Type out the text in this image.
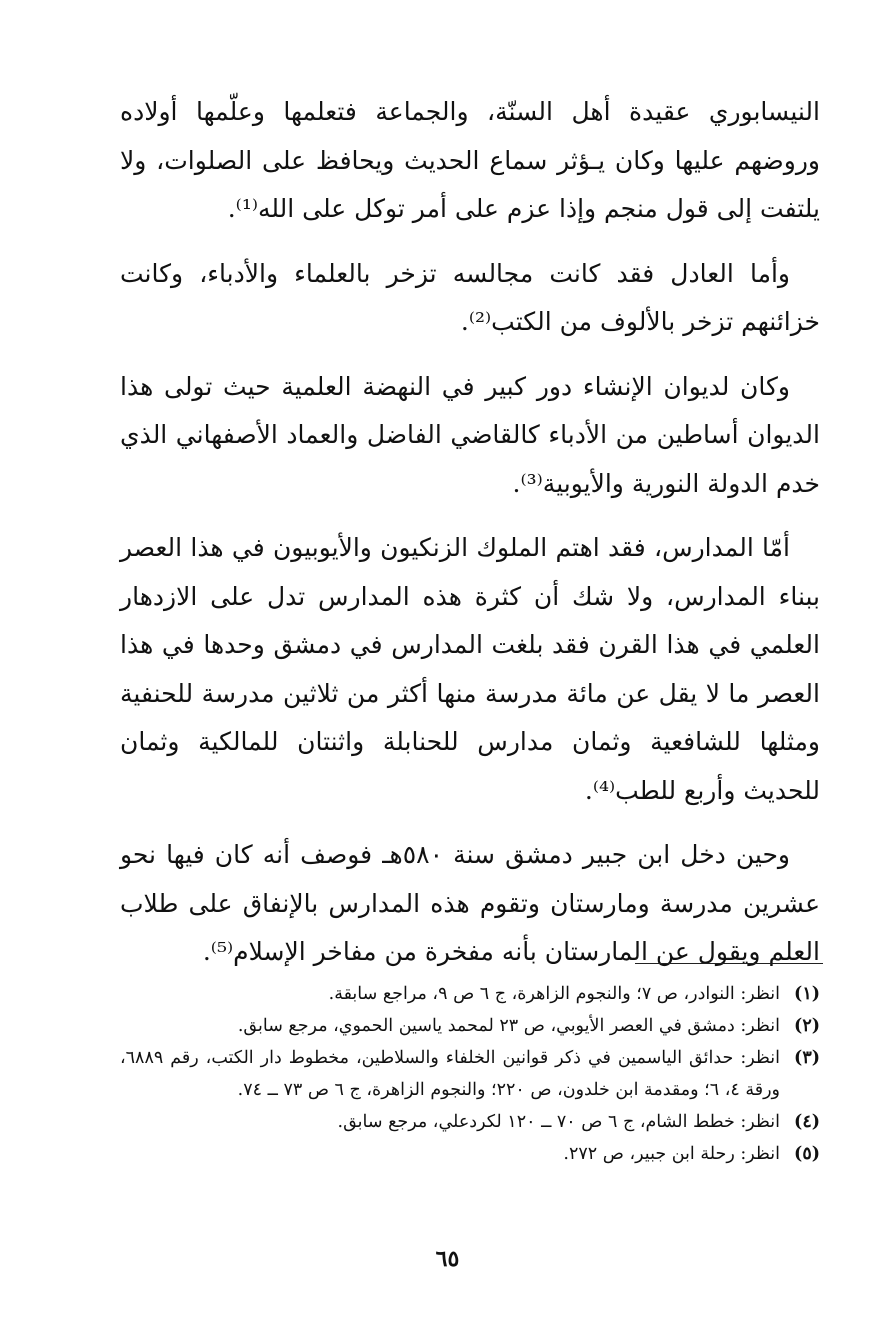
النيسابوري عقيدة أهل السنّة، والجماعة فتعلمها وعلّمها أولاده وروضهم عليها وكان يـؤثر سماع الحديث ويحافظ على الصلوات، ولا يلتفت إلى قول منجم وإذا عزم على أمر توكل على الله⁽¹⁾.

وأما العادل فقد كانت مجالسه تزخر بالعلماء والأدباء، وكانت خزائنهم تزخر بالألوف من الكتب⁽²⁾.

وكان لديوان الإنشاء دور كبير في النهضة العلمية حيث تولى هذا الديوان أساطين من الأدباء كالقاضي الفاضل والعماد الأصفهاني الذي خدم الدولة النورية والأيوبية⁽³⁾.

أمّا المدارس، فقد اهتم الملوك الزنكيون والأيوبيون في هذا العصر ببناء المدارس، ولا شك أن كثرة هذه المدارس تدل على الازدهار العلمي في هذا القرن فقد بلغت المدارس في دمشق وحدها في هذا العصر ما لا يقل عن مائة مدرسة منها أكثر من ثلاثين مدرسة للحنفية ومثلها للشافعية وثمان مدارس للحنابلة واثنتان للمالكية وثمان للحديث وأربع للطب⁽⁴⁾.

وحين دخل ابن جبير دمشق سنة ٥٨٠هـ فوصف أنه كان فيها نحو عشرين مدرسة ومارستان وتقوم هذه المدارس بالإنفاق على طلاب العلم ويقول عن المارستان بأنه مفخرة من مفاخر الإسلام⁽⁵⁾.

(١)
انظر: النوادر، ص ٧؛ والنجوم الزاهرة، ج ٦ ص ٩، مراجع سابقة.
(٢)
انظر: دمشق في العصر الأيوبي، ص ٢٣ لمحمد ياسين الحموي، مرجع سابق.
(٣)
انظر: حدائق الياسمين في ذكر قوانين الخلفاء والسلاطين، مخطوط دار الكتب، رقم ٦٨٨٩، ورقة ٤، ٦؛ ومقدمة ابن خلدون، ص ٢٢٠؛ والنجوم الزاهرة، ج ٦ ص ٧٣ ــ ٧٤.
(٤)
انظر: خطط الشام، ج ٦ ص ٧٠ ــ ١٢٠ لكردعلي، مرجع سابق.
(٥)
انظر: رحلة ابن جبير، ص ٢٧٢.
٦٥
